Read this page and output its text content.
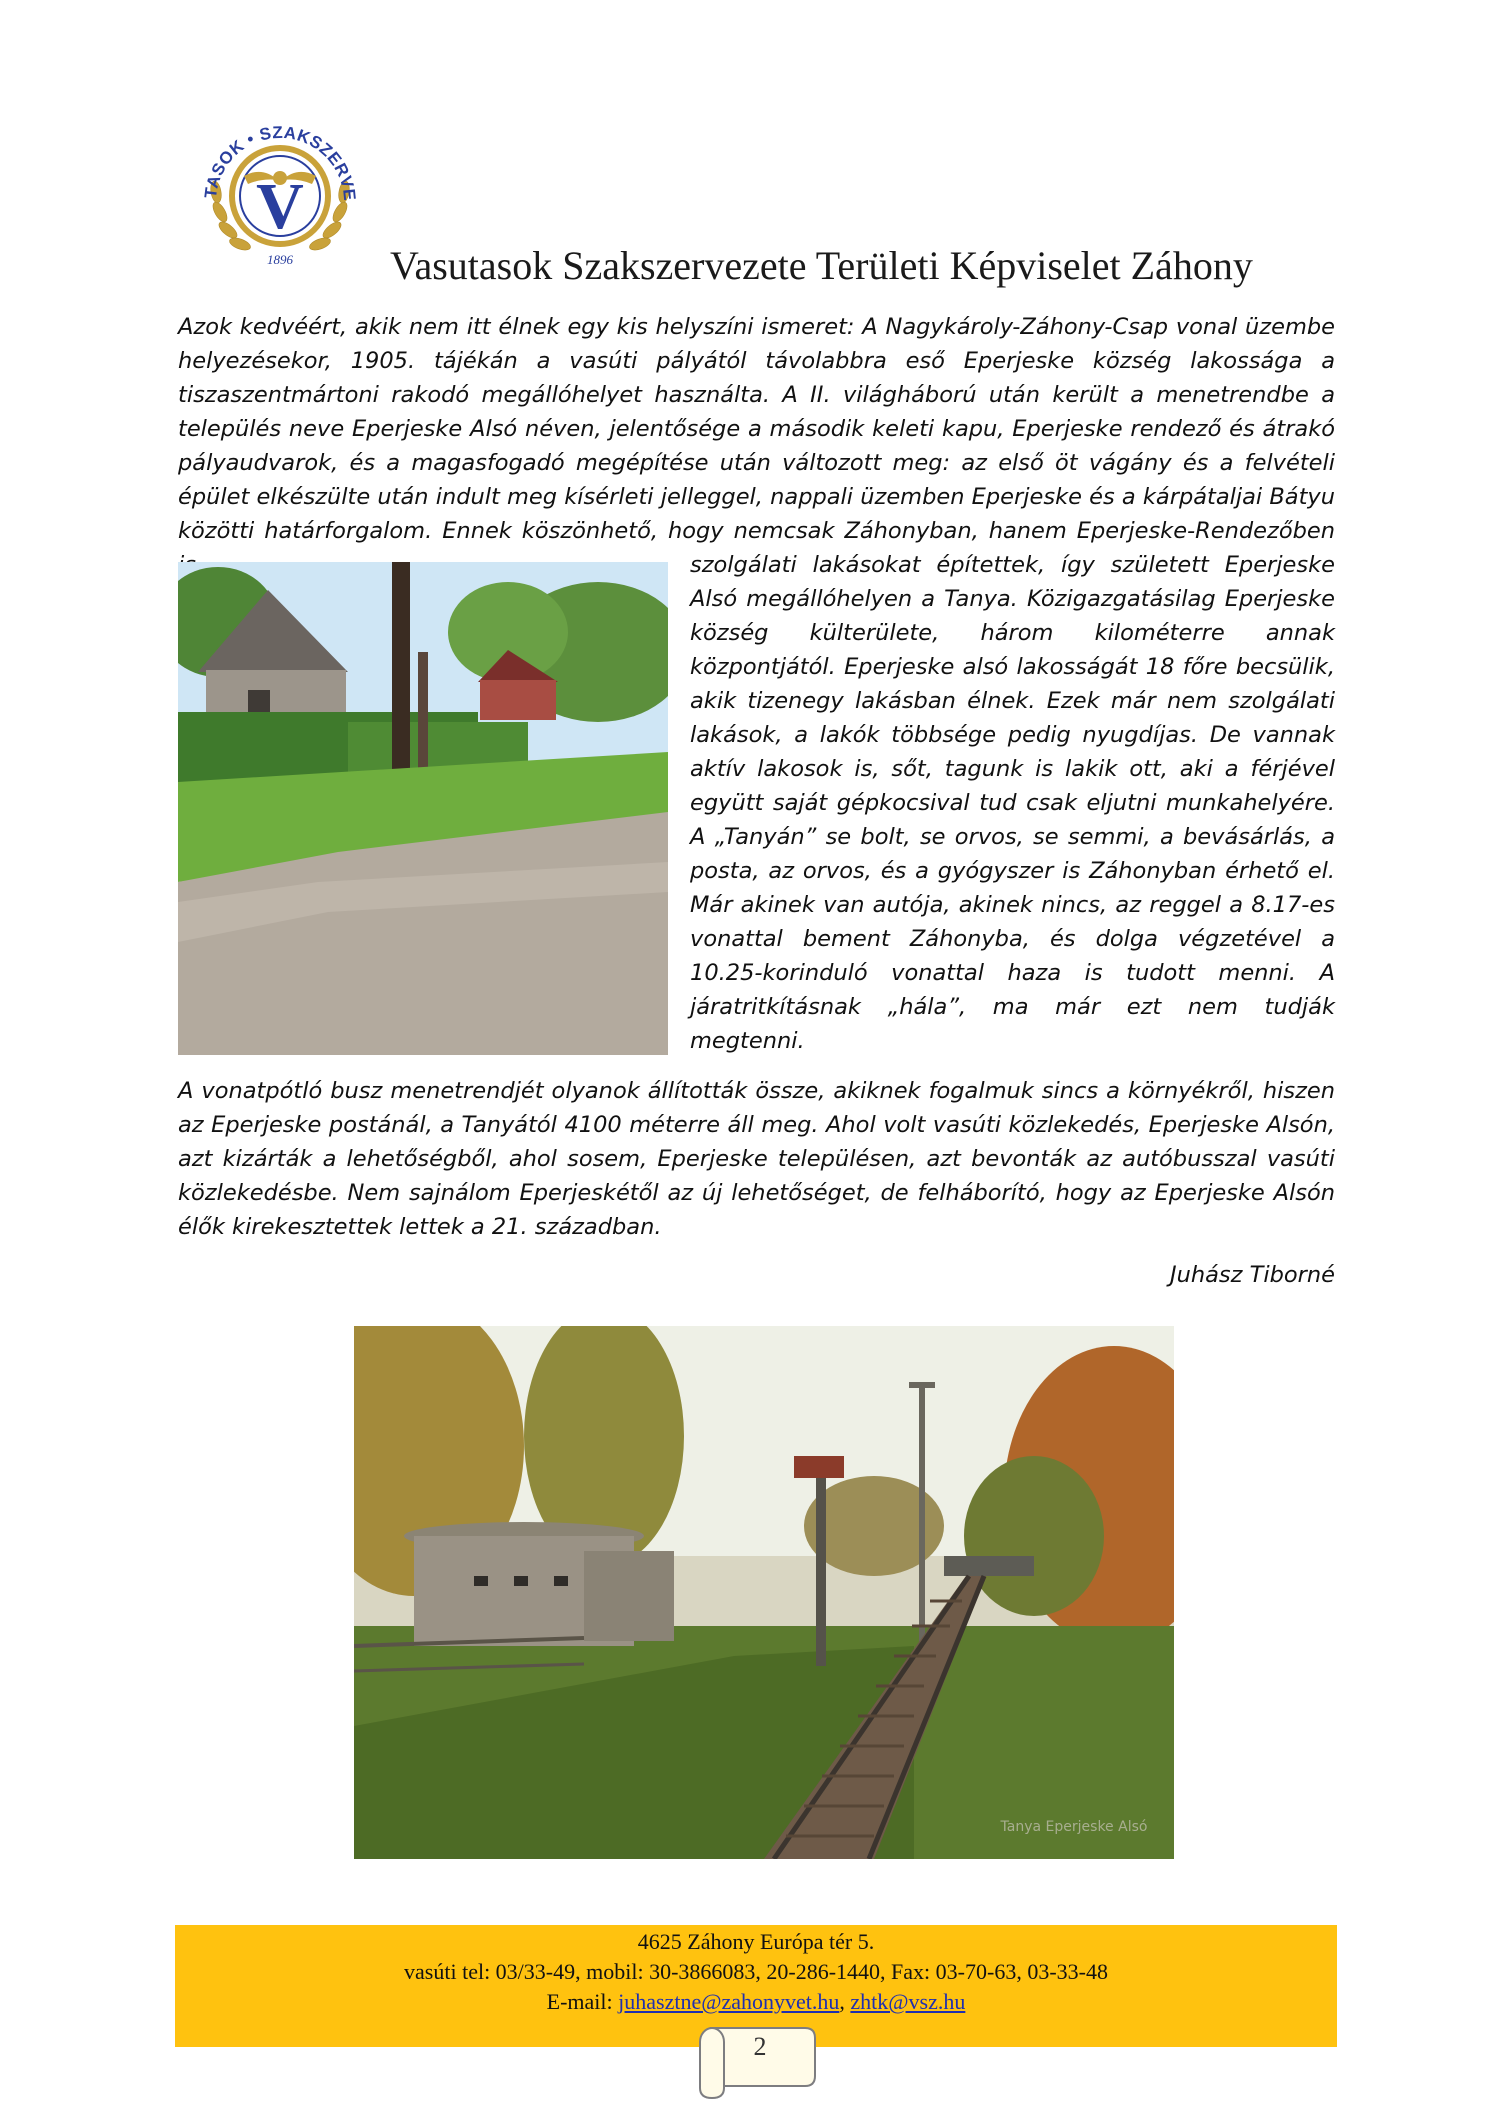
V
TASOK • SZAKSZERVE
1896 Vasutasok Szakszervezete Területi Képviselet Záhony

Azok kedvéért, akik nem itt élnek egy kis helyszíni ismeret: A Nagykároly-Záhony-Csap vonal üzembe helyezésekor, 1905. tájékán a vasúti pályától távolabbra eső Eperjeske község lakossága a tiszaszentmártoni rakodó megállóhelyet használta. A II. világháború után került a menetrendbe a település neve Eperjeske Alsó néven, jelentősége a második keleti kapu, Eperjeske rendező és átrakó pályaudvarok, és a magasfogadó megépítése után változott meg: az első öt vágány és a felvételi épület elkészülte után indult meg kísérleti jelleggel, nappali üzemben Eperjeske és a kárpátaljai Bátyu közötti határforgalom. Ennek köszönhető, hogy nemcsak Záhonyban, hanem Eperjeske-Rendezőben

szolgálati lakásokat építettek, így született Eperjeske Alsó megállóhelyen a Tanya. Közigazgatásilag Eperjeske község külterülete, három kilométerre annak központjától. Eperjeske alsó lakosságát 18 főre becsülik, akik tizenegy lakásban élnek. Ezek már nem szolgálati lakások, a lakók többsége pedig nyugdíjas. De vannak aktív lakosok is, sőt, tagunk is lakik ott, aki a férjével együtt saját gépkocsival tud csak eljutni munkahelyére. A „Tanyán” se bolt, se orvos, se semmi, a bevásárlás, a posta, az orvos, és a gyógyszer is Záhonyban érhető el. Már akinek van autója, akinek nincs, az reggel a 8.17-es vonattal bement Záhonyba, és dolga végzetével a 10.25-korinduló vonattal haza is tudott menni. A járatritkításnak „hála”, ma már ezt nem tudják megtenni.

A vonatpótló busz menetrendjét olyanok állították össze, akiknek fogalmuk sincs a környékről, hiszen az Eperjeske postánál, a Tanyától 4100 méterre áll meg. Ahol volt vasúti közlekedés, Eperjeske Alsón, azt kizárták a lehetőségből, ahol sosem, Eperjeske településen, azt bevonták az autóbusszal vasúti közlekedésbe. Nem sajnálom Eperjeskétől az új lehetőséget, de felháborító, hogy az Eperjeske Alsón élők kirekesztettek lettek a 21. században.

Juhász Tiborné
Tanya Eperjeske Alsó
4625 Záhony Európa tér 5.
vasúti tel: 03/33-49, mobil: 30-3866083, 20-286-1440, Fax: 03-70-63, 03-33-48
E-mail: juhasztne@zahonyvet.hu, zhtk@vsz.hu
2
